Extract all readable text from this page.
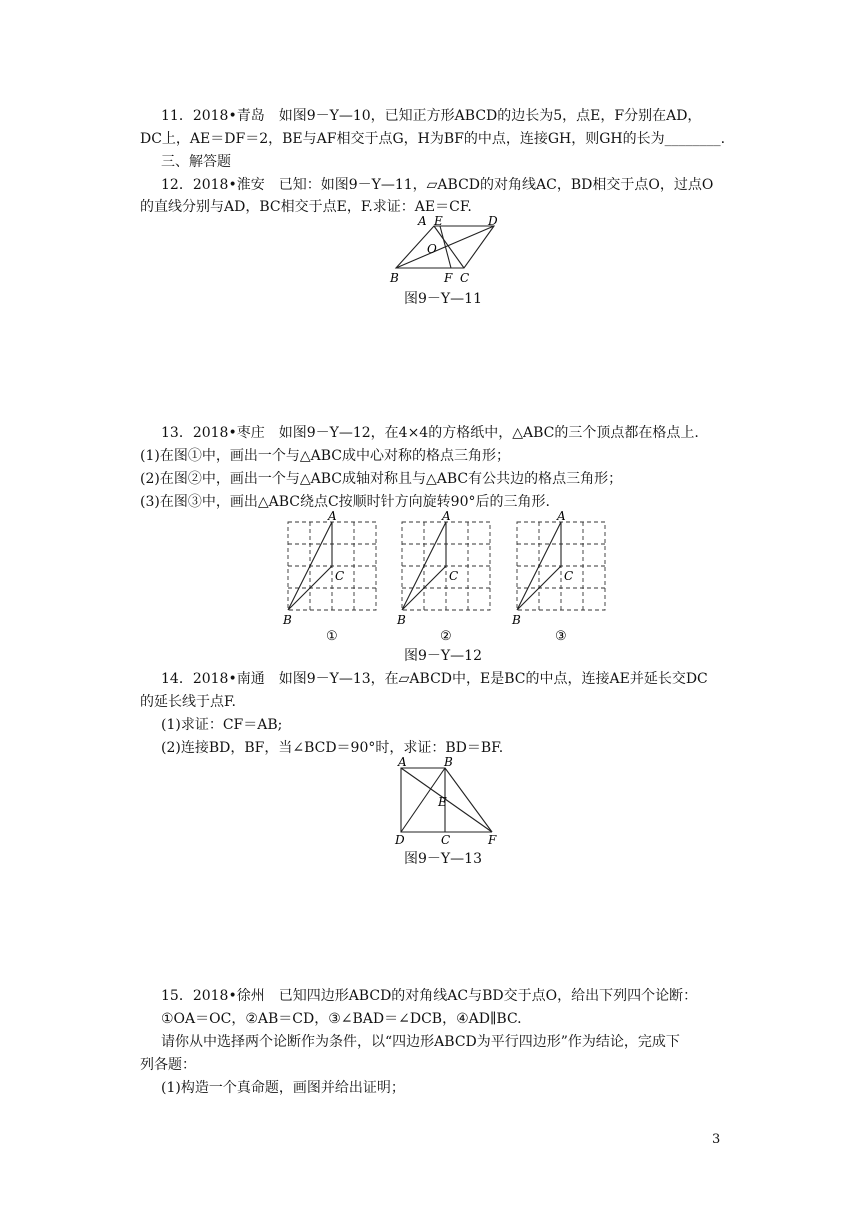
11．2018•青岛　如图9－Y—10，已知正方形ABCD的边长为5，点E，F分别在AD，
DC上，AE＝DF＝2，BE与AF相交于点G，H为BF的中点，连接GH，则GH的长为________.
三、解答题
12．2018•淮安　已知：如图9－Y—11，▱ABCD的对角线AC，BD相交于点O，过点O
的直线分别与AD，BC相交于点E，F.求证：AE＝CF.
A E	D
O
B	F C
图9－Y—11
13．2018•枣庄　如图9－Y—12，在4×4的方格纸中，△ABC的三个顶点都在格点上.
(1)在图①中，画出一个与△ABC成中心对称的格点三角形；
(2)在图②中，画出一个与△ABC成轴对称且与△ABC有公共边的格点三角形；
(3)在图③中，画出△ABC绕点C按顺时针方向旋转90°后的三角形.
A
B
C
①
A
B
C
②
A
B
C
③
图9－Y—12
14．2018•南通　如图9－Y—13，在▱ABCD中，E是BC的中点，连接AE并延长交DC
的延长线于点F.
(1)求证：CF＝AB;
(2)连接BD，BF，当∠BCD＝90°时，求证：BD＝BF.
A	B
E
D	C	F
图9－Y—13
15．2018•徐州　已知四边形ABCD的对角线AC与BD交于点O，给出下列四个论断：
①OA＝OC，②AB＝CD，③∠BAD＝∠DCB，④AD∥BC.
请你从中选择两个论断作为条件，以“四边形ABCD为平行四边形”作为结论，完成下
列各题：
(1)构造一个真命题，画图并给出证明；
3
